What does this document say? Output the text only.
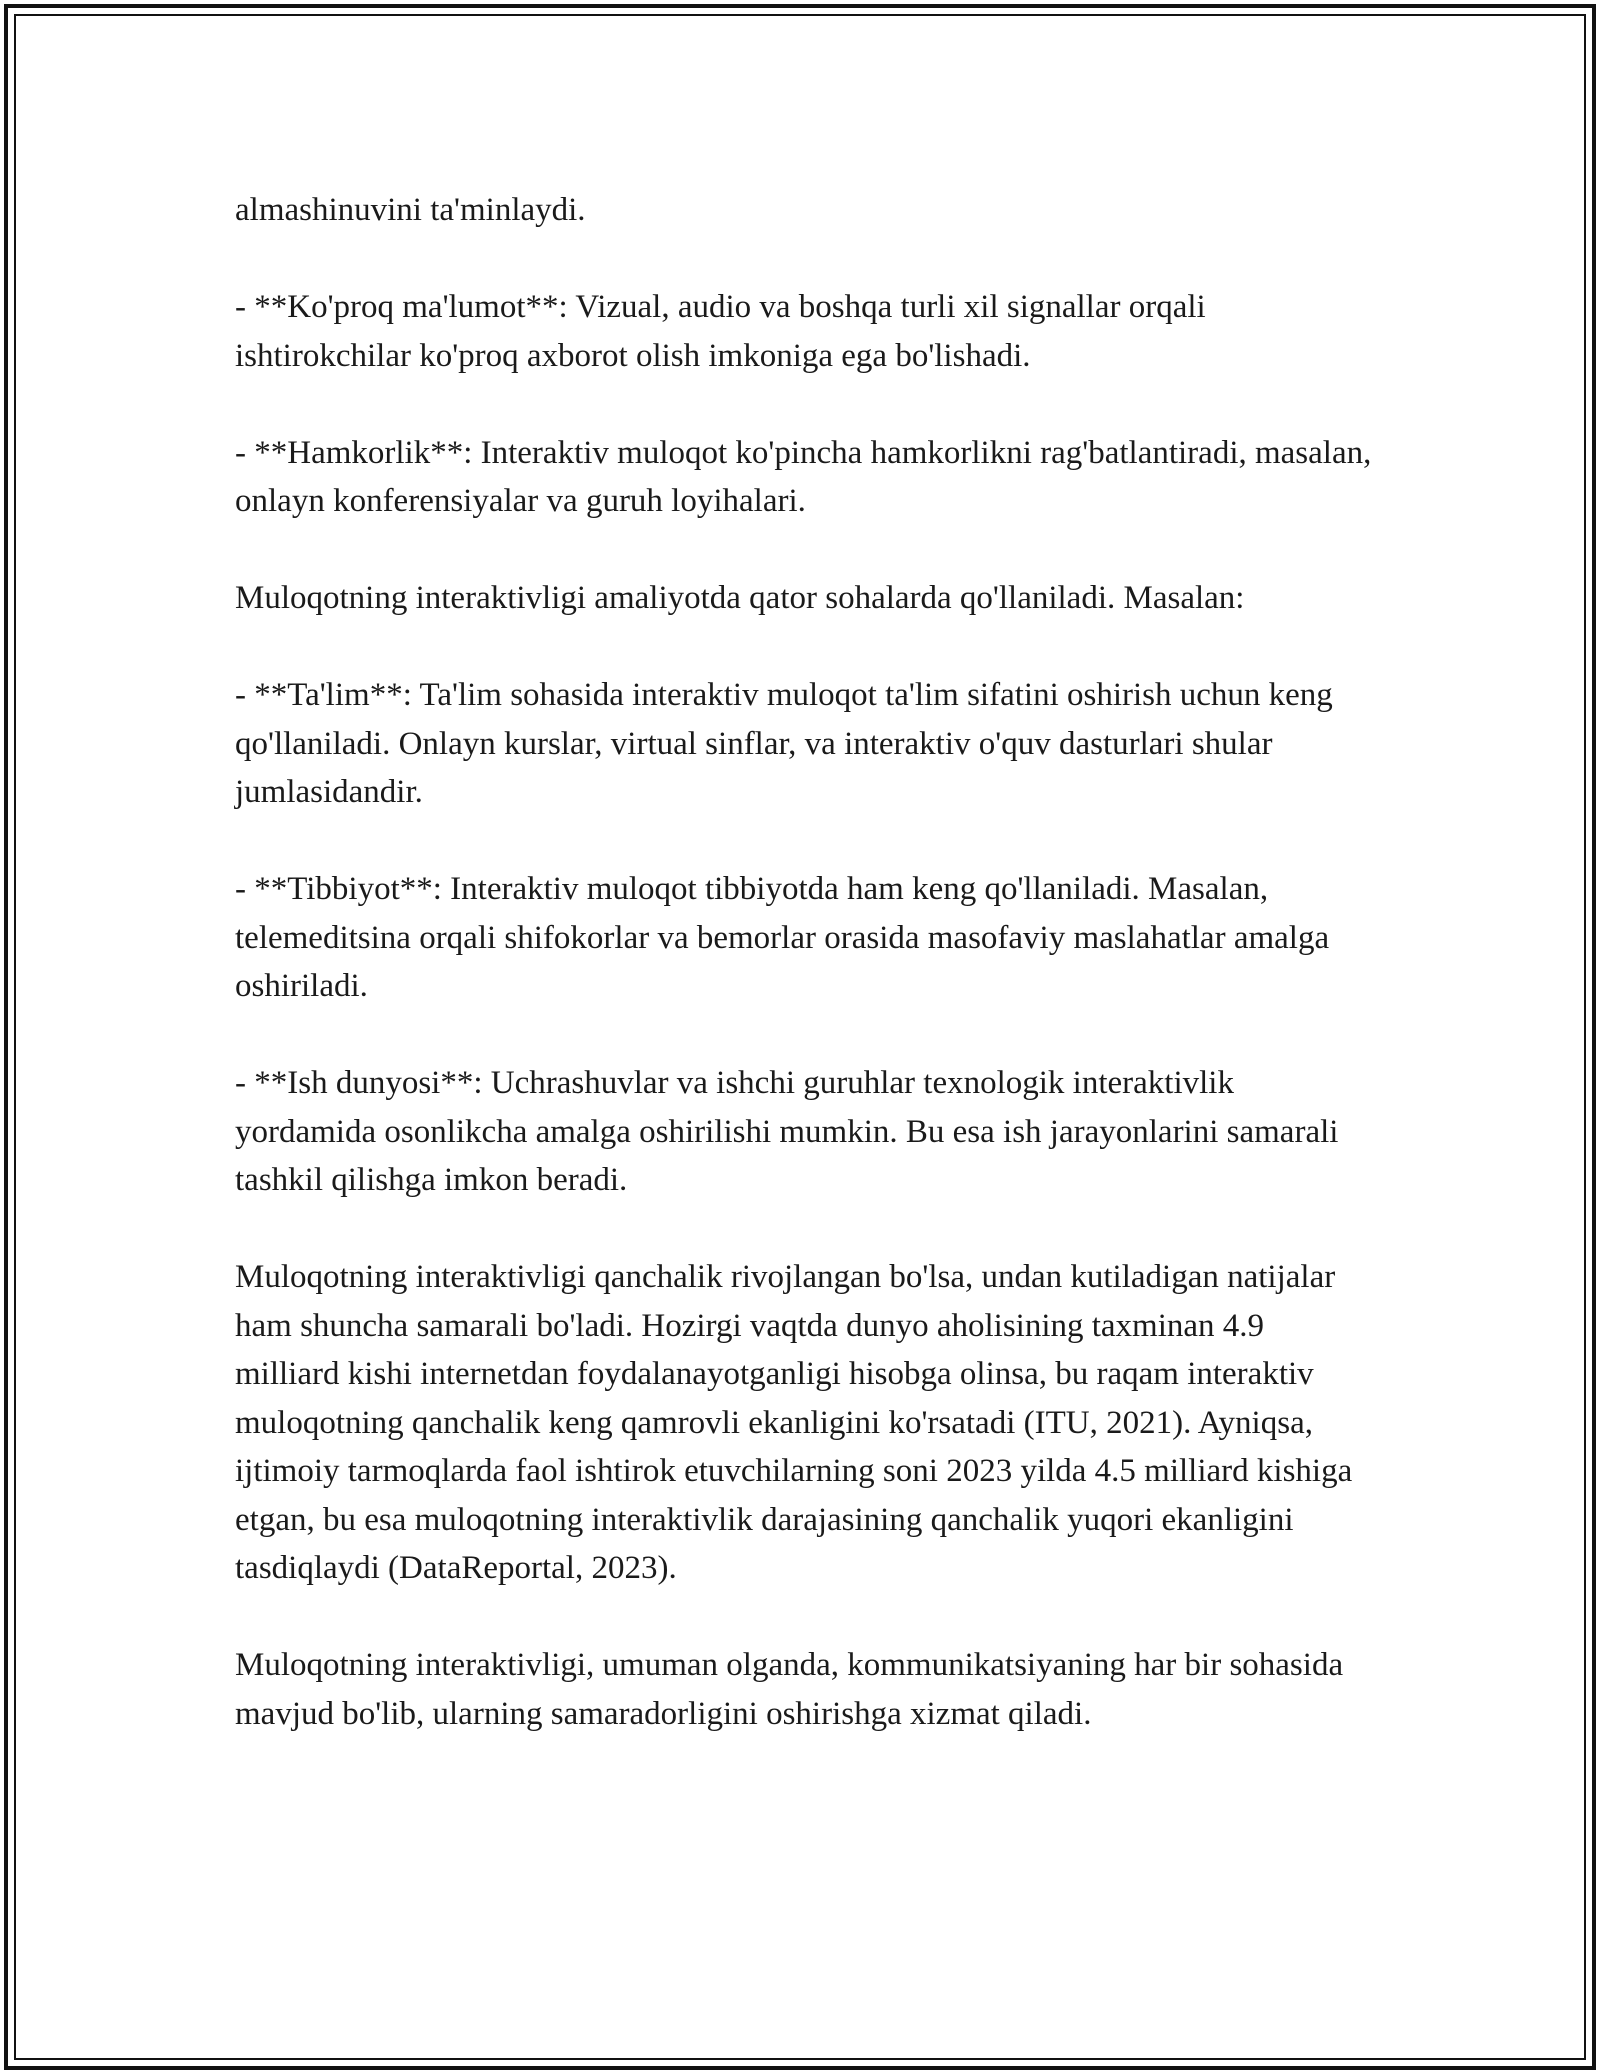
almashinuvini ta'minlaydi.

- **Ko'proq ma'lumot**: Vizual, audio va boshqa turli xil signallar orqali ishtirokchilar ko'proq axborot olish imkoniga ega bo'lishadi.

- **Hamkorlik**: Interaktiv muloqot ko'pincha hamkorlikni rag'batlantiradi, masalan, onlayn konferensiyalar va guruh loyihalari.

Muloqotning interaktivligi amaliyotda qator sohalarda qo'llaniladi. Masalan:

- **Ta'lim**: Ta'lim sohasida interaktiv muloqot ta'lim sifatini oshirish uchun keng qo'llaniladi. Onlayn kurslar, virtual sinflar, va interaktiv o'quv dasturlari shular jumlasidandir.

- **Tibbiyot**: Interaktiv muloqot tibbiyotda ham keng qo'llaniladi. Masalan, telemeditsina orqali shifokorlar va bemorlar orasida masofaviy maslahatlar amalga oshiriladi.

- **Ish dunyosi**: Uchrashuvlar va ishchi guruhlar texnologik interaktivlik yordamida osonlikcha amalga oshirilishi mumkin. Bu esa ish jarayonlarini samarali tashkil qilishga imkon beradi.

Muloqotning interaktivligi qanchalik rivojlangan bo'lsa, undan kutiladigan natijalar ham shuncha samarali bo'ladi. Hozirgi vaqtda dunyo aholisining taxminan 4.9 milliard kishi internetdan foydalanayotganligi hisobga olinsa, bu raqam interaktiv muloqotning qanchalik keng qamrovli ekanligini ko'rsatadi (ITU, 2021). Ayniqsa, ijtimoiy tarmoqlarda faol ishtirok etuvchilarning soni 2023 yilda 4.5 milliard kishiga etgan, bu esa muloqotning interaktivlik darajasining qanchalik yuqori ekanligini tasdiqlaydi (DataReportal, 2023).

Muloqotning interaktivligi, umuman olganda, kommunikatsiyaning har bir sohasida mavjud bo'lib, ularning samaradorligini oshirishga xizmat qiladi.
